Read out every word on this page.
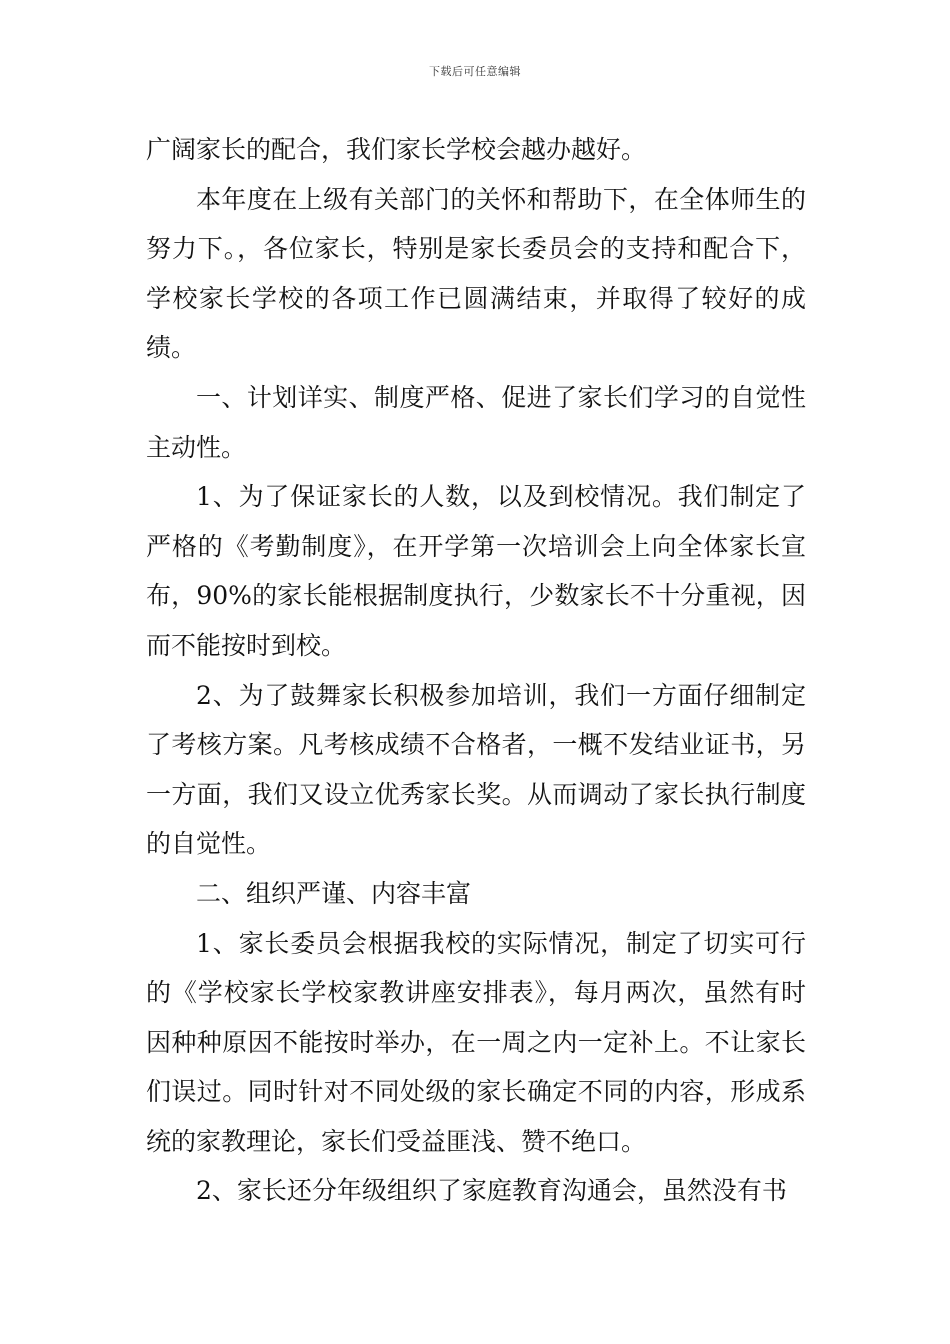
下载后可任意编辑

广阔家长的配合，我们家长学校会越办越好。

本年度在上级有关部门的关怀和帮助下，在全体师生的努力下。，各位家长，特别是家长委员会的支持和配合下，学校家长学校的各项工作已圆满结束，并取得了较好的成绩。

一、计划详实、制度严格、促进了家长们学习的自觉性主动性。

1、为了保证家长的人数，以及到校情况。我们制定了严格的《考勤制度》，在开学第一次培训会上向全体家长宣布，90%的家长能根据制度执行，少数家长不十分重视，因而不能按时到校。

2、为了鼓舞家长积极参加培训，我们一方面仔细制定了考核方案。凡考核成绩不合格者，一概不发结业证书，另一方面，我们又设立优秀家长奖。从而调动了家长执行制度的自觉性。

二、组织严谨、内容丰富

1、家长委员会根据我校的实际情况，制定了切实可行的《学校家长学校家教讲座安排表》，每月两次，虽然有时因种种原因不能按时举办，在一周之内一定补上。不让家长们误过。同时针对不同处级的家长确定不同的内容，形成系统的家教理论，家长们受益匪浅、赞不绝口。

2、家长还分年级组织了家庭教育沟通会，虽然没有书
